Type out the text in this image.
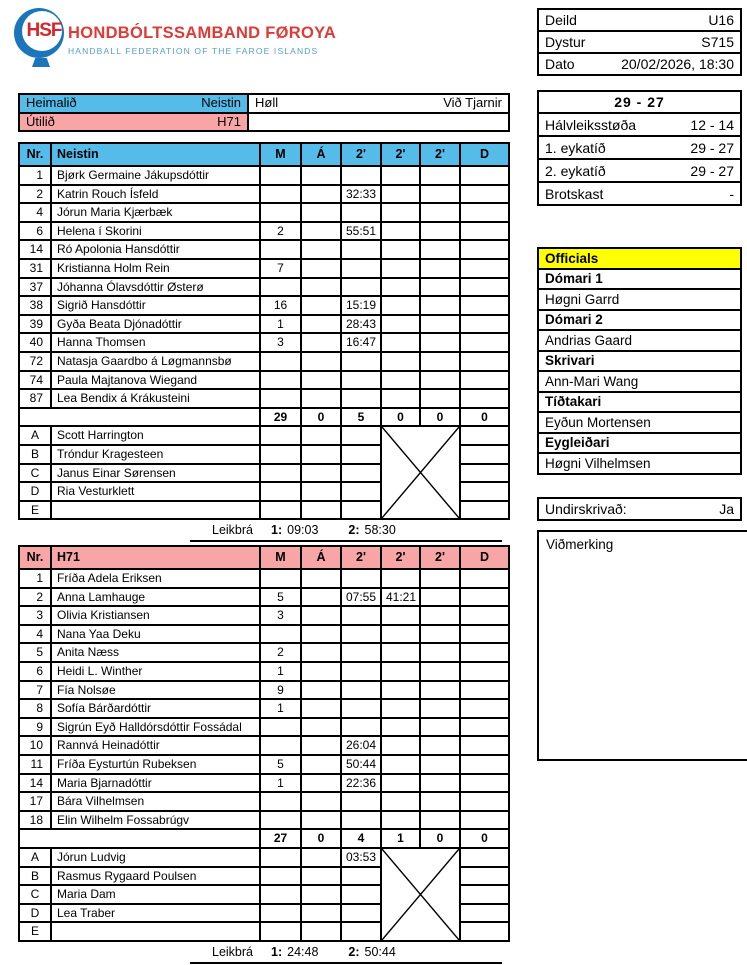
HSF HONDBÓLTSSAMBAND FØROYA
HANDBALL FEDERATION OF THE FAROE ISLANDS
Deild	U16

Dystur	S715

Dato	20/02/2026, 18:30
Heimalið Neistin	Høll Við Tjarnir

Útilið H71	

29 - 27
Hálvleiksstøða	12 - 14

1. eykatíð	29 - 27

2. eykatíð	29 - 27

Brotskast	-
Officials
Dómari 1
Høgni Garrd
Dómari 2
Andrias Gaard
Skrivari
Ann-Mari Wang
Tíðtakari
Eyðun Mortensen
Eygleiðari
Høgni Vilhelmsen
Undirskrivað:	Ja
Viðmerking
Nr.	Neistin	M	Á	2'	2'	2'	D
1	Bjørk Germaine Jákupsdóttir						
2	Katrin Rouch Ísfeld			32:33			
4	Jórun Maria Kjærbæk						
6	Helena í Skorini	2		55:51			
14	Ró Apolonia Hansdóttir						
31	Kristianna Holm Rein	7					
37	Jóhanna Ólavsdóttir Østerø						
38	Sigrið Hansdóttir	16		15:19			
39	Gyða Beata Djónadóttir	1		28:43			
40	Hanna Thomsen	3		16:47			
72	Natasja Gaardbo á Løgmannsbø						
74	Paula Majtanova Wiegand						
87	Lea Bendix á Krákusteini						
		29	0	5	0	0	0
A	Scott Harrington				

B	Tróndur Kragesteen						
C	Janus Einar Sørensen						
D	Ria Vesturklett						
E							
Leikbrá 1: 09:03 2: 58:30
Nr.	H71	M	Á	2'	2'	2'	D
1	Fríða Adela Eriksen						
2	Anna Lamhauge	5		07:55	41:21		
3	Olivia Kristiansen	3					
4	Nana Yaa Deku						
5	Anita Næss	2					
6	Heidi L. Winther	1					
7	Fía Nolsøe	9					
8	Sofía Bárðardóttir	1					
9	Sigrún Eyð Halldórsdóttir Fossádal						
10	Rannvá Heinadóttir			26:04			
11	Fríða Eysturtún Rubeksen	5		50:44			
14	Maria Bjarnadóttir	1		22:36			
17	Bára Vilhelmsen						
18	Elin Wilhelm Fossabrúgv						
		27	0	4	1	0	0
A	Jórun Ludvig			03:53	

B	Rasmus Rygaard Poulsen						
C	Maria Dam						
D	Lea Traber						
E							
Leikbrá 1: 24:48 2: 50:44
